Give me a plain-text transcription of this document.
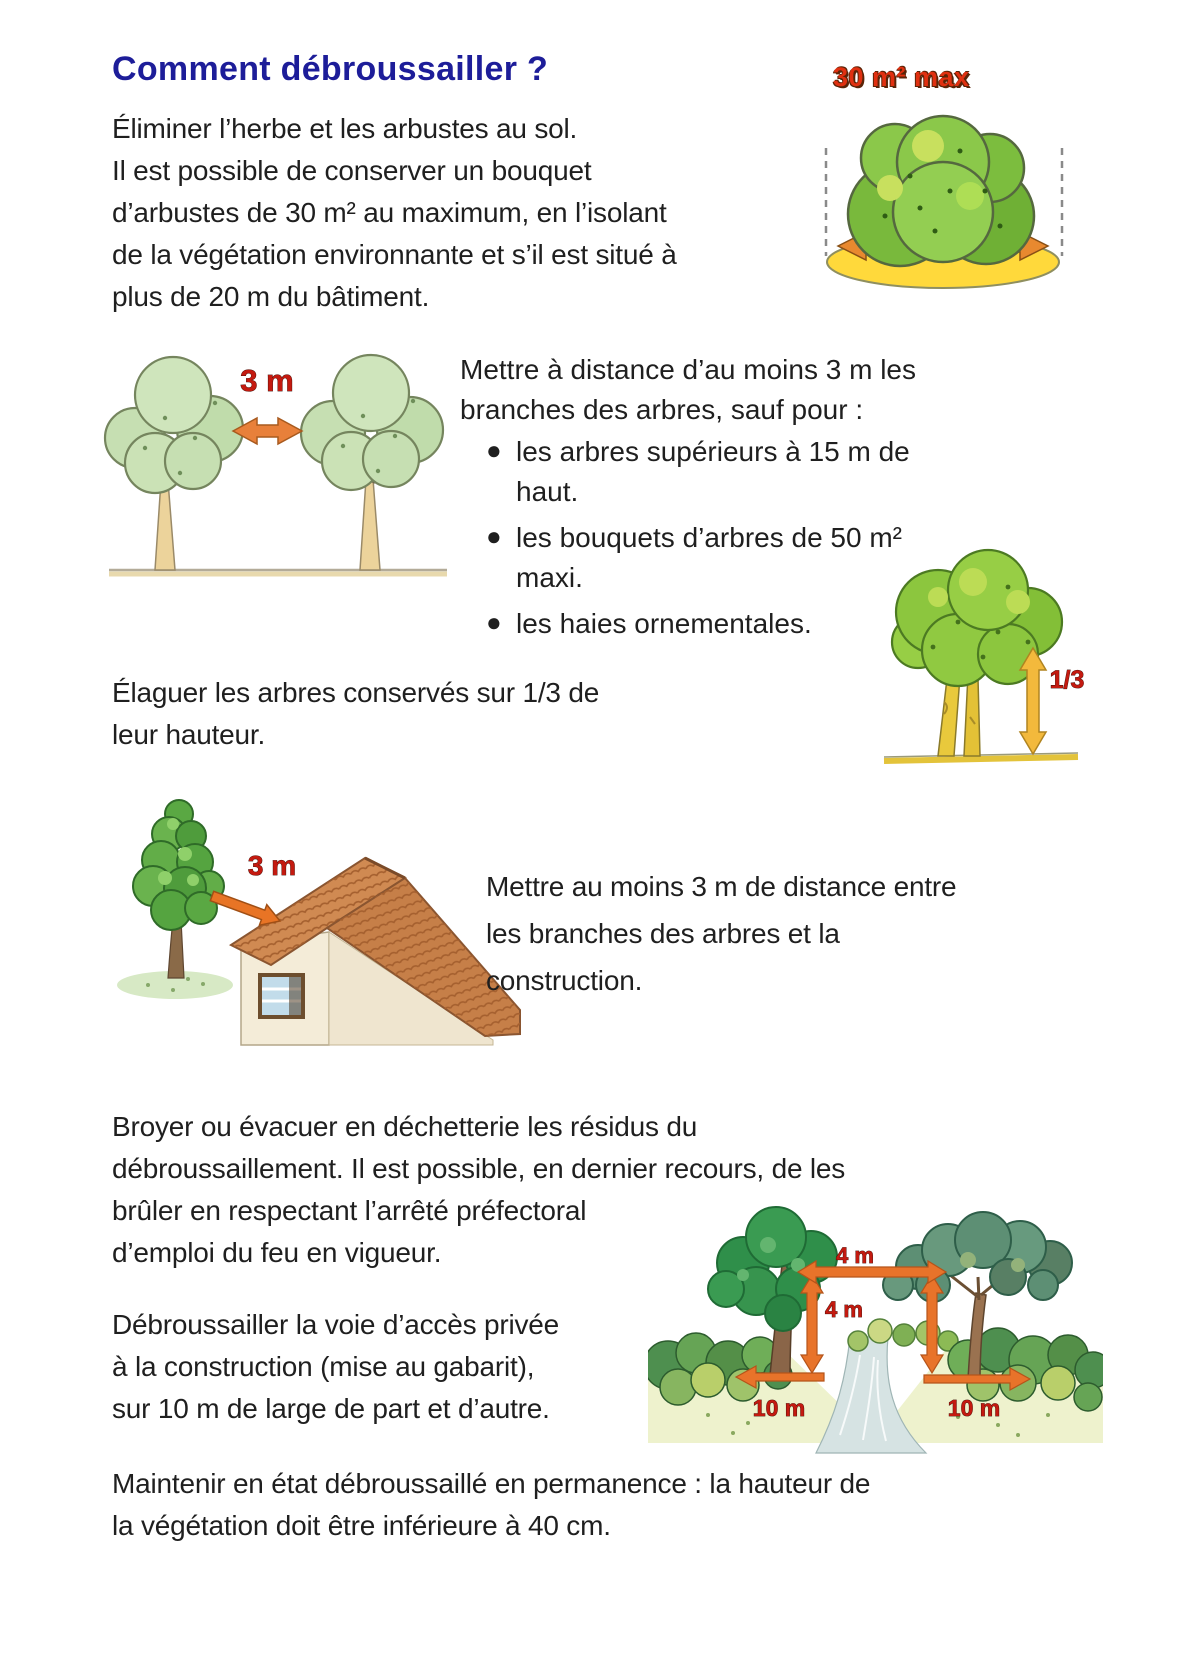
Comment débroussailler ?	30 m² max
Éliminer l’herbe et les arbustes au sol.
Il est possible de conserver un bouquet
d’arbustes de 30 m² au maximum, en l’isolant
de la végétation environnante et s’il est situé à
plus de 20 m du bâtiment.
3 m	Mettre à distance d’au moins 3 m les
branches des arbres, sauf pour :
● les arbres supérieurs à 15 m de
haut.
● les bouquets d’arbres de 50 m²
maxi.
● les haies ornementales.
Élaguer les arbres conservés sur 1/3 de
leur hauteur.
1/3
3 m
Mettre au moins 3 m de distance entre
les branches des arbres et la
construction.
Broyer ou évacuer en déchetterie les résidus du
débroussaillement. Il est possible, en dernier recours, de les
brûler en respectant l’arrêté préfectoral
d’emploi du feu en vigueur.
Débroussailler la voie d’accès privée
à la construction (mise au gabarit),
sur 10 m de large de part et d’autre.
4 m
4 m
10 m	10 m
Maintenir en état débroussaillé en permanence : la hauteur de
la végétation doit être inférieure à 40 cm.
